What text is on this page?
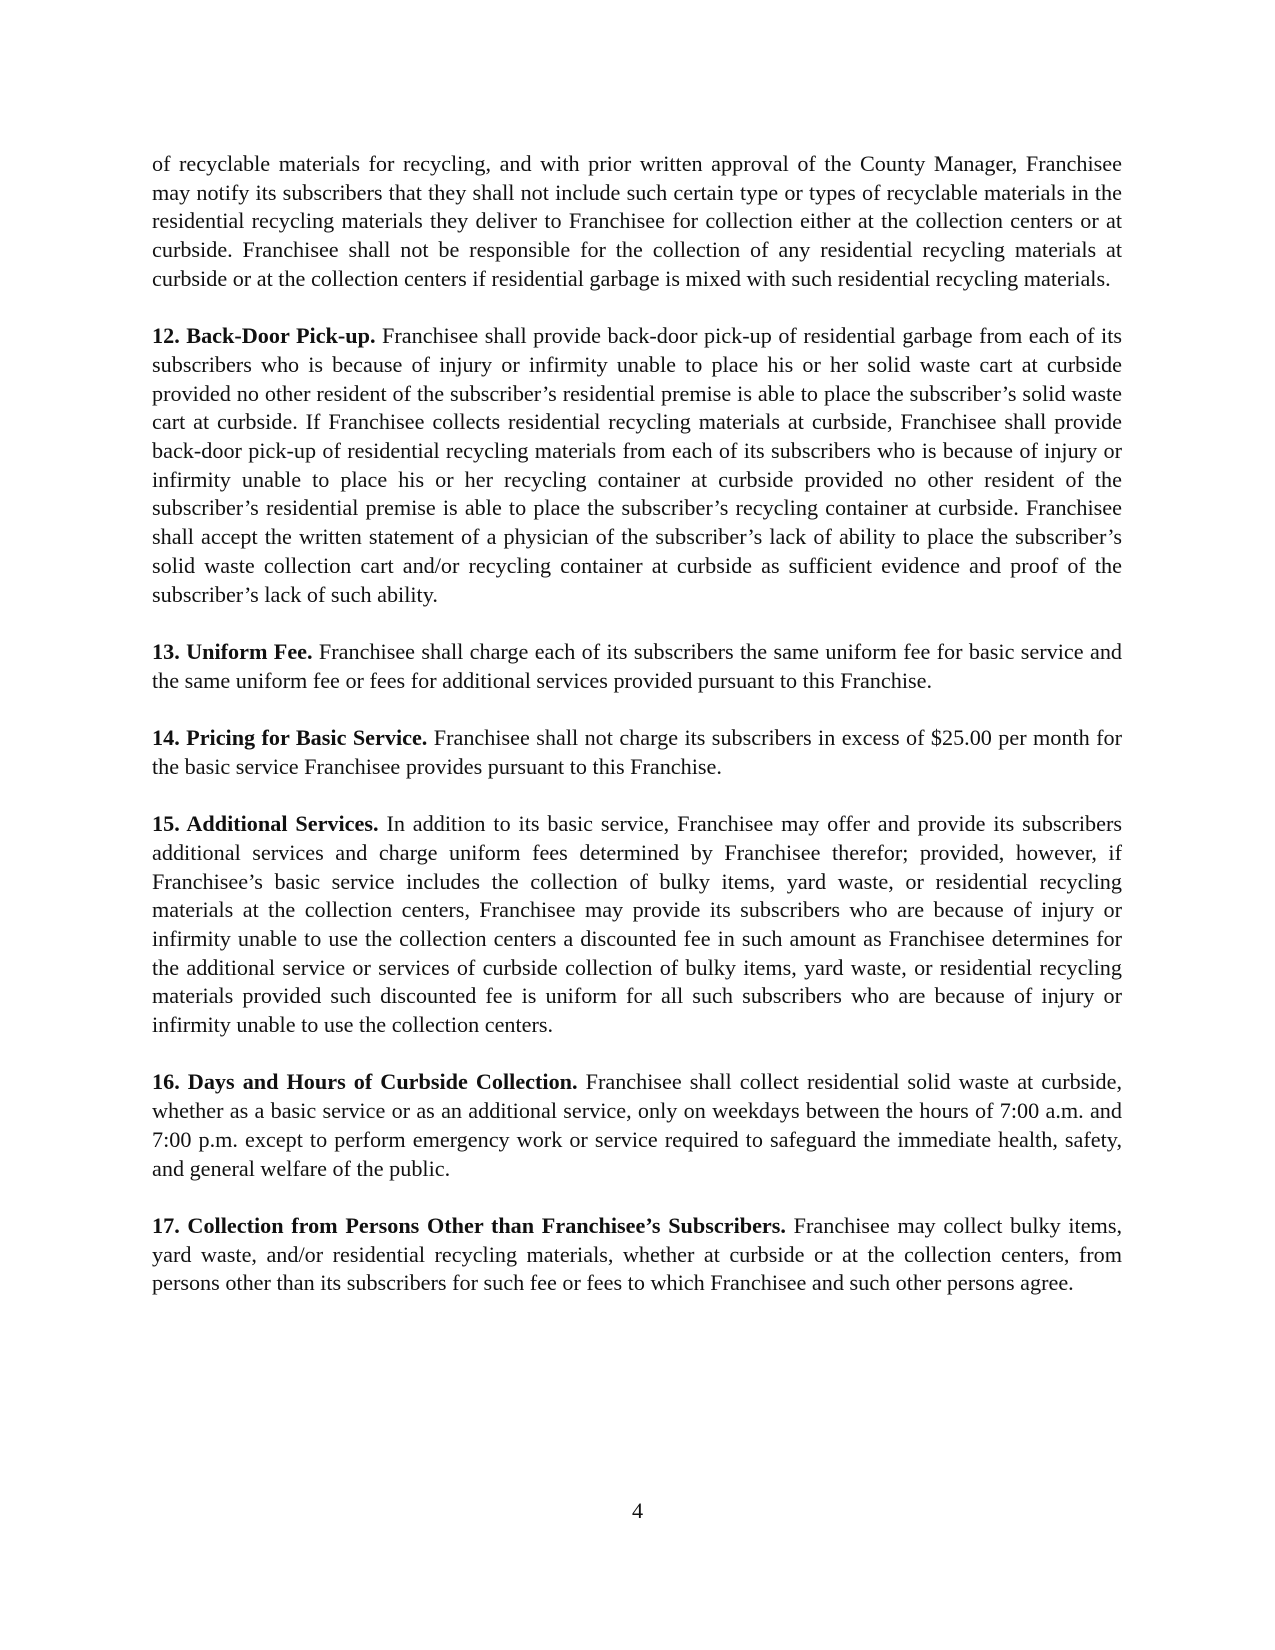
of recyclable materials for recycling, and with prior written approval of the County Manager, Franchisee may notify its subscribers that they shall not include such certain type or types of recyclable materials in the residential recycling materials they deliver to Franchisee for collection either at the collection centers or at curbside. Franchisee shall not be responsible for the collection of any residential recycling materials at curbside or at the collection centers if residential garbage is mixed with such residential recycling materials.

12. Back-Door Pick-up. Franchisee shall provide back-door pick-up of residential garbage from each of its subscribers who is because of injury or infirmity unable to place his or her solid waste cart at curbside provided no other resident of the subscriber’s residential premise is able to place the subscriber’s solid waste cart at curbside. If Franchisee collects residential recycling materials at curbside, Franchisee shall provide back-door pick-up of residential recycling materials from each of its subscribers who is because of injury or infirmity unable to place his or her recycling container at curbside provided no other resident of the subscriber’s residential premise is able to place the subscriber’s recycling container at curbside. Franchisee shall accept the written statement of a physician of the subscriber’s lack of ability to place the subscriber’s solid waste collection cart and/or recycling container at curbside as sufficient evidence and proof of the subscriber’s lack of such ability.

13. Uniform Fee. Franchisee shall charge each of its subscribers the same uniform fee for basic service and the same uniform fee or fees for additional services provided pursuant to this Franchise.

14. Pricing for Basic Service. Franchisee shall not charge its subscribers in excess of $25.00 per month for the basic service Franchisee provides pursuant to this Franchise.

15. Additional Services. In addition to its basic service, Franchisee may offer and provide its subscribers additional services and charge uniform fees determined by Franchisee therefor; provided, however, if Franchisee’s basic service includes the collection of bulky items, yard waste, or residential recycling materials at the collection centers, Franchisee may provide its subscribers who are because of injury or infirmity unable to use the collection centers a discounted fee in such amount as Franchisee determines for the additional service or services of curbside collection of bulky items, yard waste, or residential recycling materials provided such discounted fee is uniform for all such subscribers who are because of injury or infirmity unable to use the collection centers.

16. Days and Hours of Curbside Collection. Franchisee shall collect residential solid waste at curbside, whether as a basic service or as an additional service, only on weekdays between the hours of 7:00 a.m. and 7:00 p.m. except to perform emergency work or service required to safeguard the immediate health, safety, and general welfare of the public.

17. Collection from Persons Other than Franchisee’s Subscribers. Franchisee may collect bulky items, yard waste, and/or residential recycling materials, whether at curbside or at the collection centers, from persons other than its subscribers for such fee or fees to which Franchisee and such other persons agree.

4
